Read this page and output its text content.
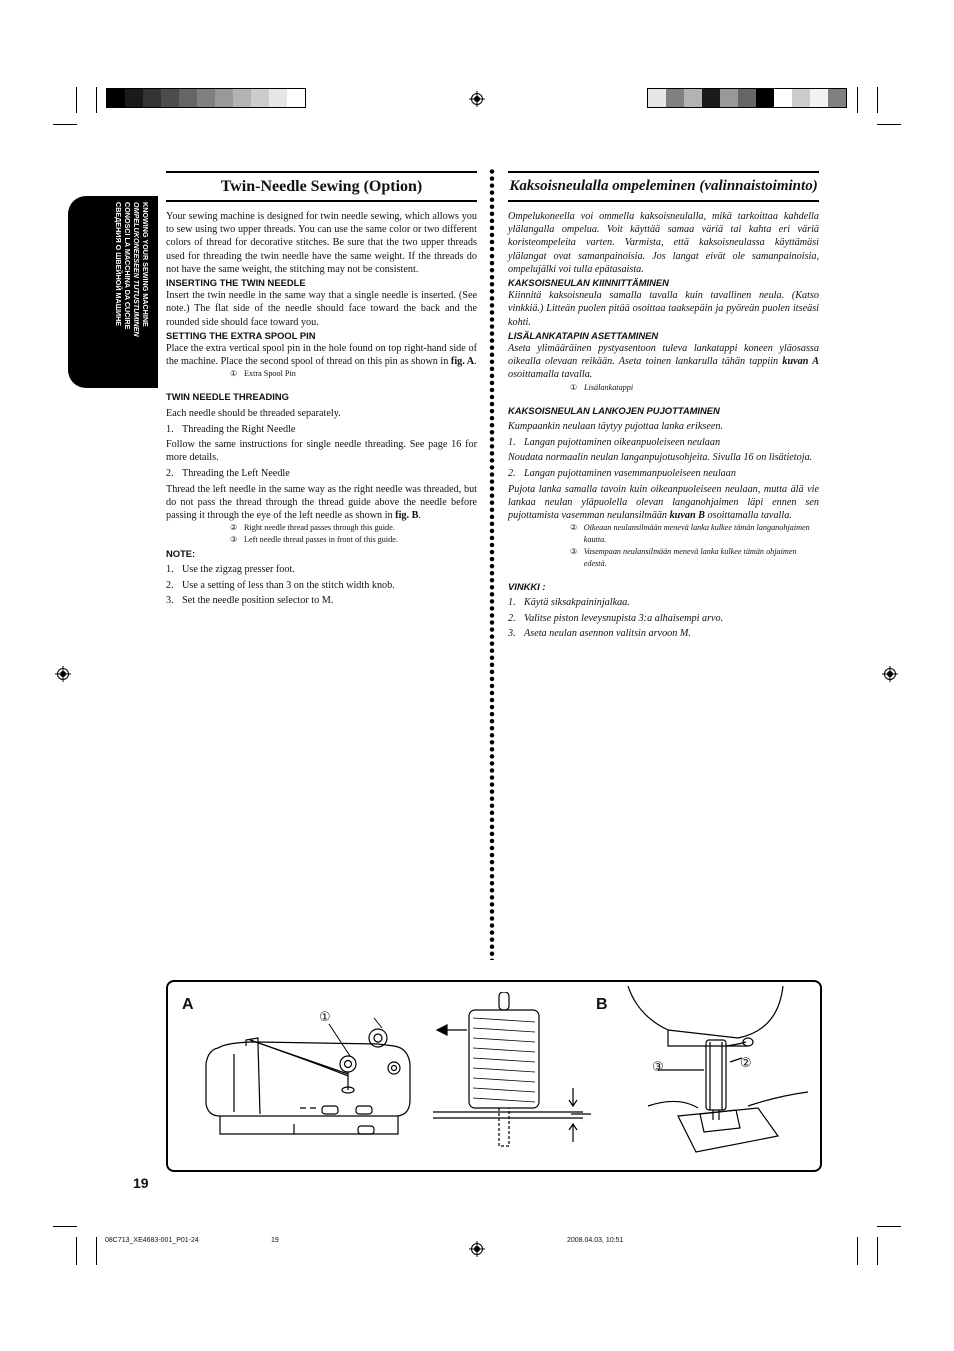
KNOWING YOUR SEWING MACHINE
OMPELUKONEESEEN TUTUSTUMINEN
CONOSCI LA MACCHINA DA CUCIRE
СВЕДЕНИЯ О ШВЕЙНОЙ МАШИНЕ
Twin-Needle Sewing (Option)	Kaksoisneulalla ompeleminen (valinnaistoiminto)

Your sewing machine is designed for twin needle sewing, which allows you to sew using two upper threads. You can use the same color or two different colors of thread for decorative stitches. Be sure that the two upper threads used for threading the twin needle have the same weight. If the threads do not have the same weight, the stitching may not be consistent.

INSERTING THE TWIN NEEDLE

Insert the twin needle in the same way that a single needle is inserted. (See note.) The flat side of the needle should face toward the back and the rounded side should face toward you.

SETTING THE EXTRA SPOOL PIN

Place the extra vertical spool pin in the hole found on top right-hand side of the machine. Place the second spool of thread on this pin as shown in fig. A.

① Extra Spool Pin

TWIN NEEDLE THREADING

Each needle should be threaded separately.

1. Threading the Right Needle

Follow the same instructions for single needle threading. See page 16 for more details.

2. Threading the Left Needle

Thread the left needle in the same way as the right needle was threaded, but do not pass the thread through the thread guide above the needle before passing it through the eye of the left needle as shown in fig. B.

② Right needle thread passes through this guide.
③ Left needle thread passes in front of this guide.

NOTE:

1. Use the zigzag presser foot.
2. Use a setting of less than 3 on the stitch width knob.
3. Set the needle position selector to M.

Ompelukoneella voi ommella kaksoisneulalla, mikä tarkoittaa kahdella ylälangalla ompelua. Voit käyttää samaa väriä tai kahta eri väriä koristeompeleita varten. Varmista, että kaksoisneulassa käyttämäsi ylälangat ovat samanpainoisia. Jos langat eivät ole samanpainoisia, ompelujälki voi tulla epätasaista.

KAKSOISNEULAN KIINNITTÄMINEN

Kiinnitä kaksoisneula samalla tavalla kuin tavallinen neula. (Katso vinkkiä.) Litteän puolen pitää osoittaa taaksepäin ja pyöreän puolen itseäsi kohti.

LISÄLANKATAPIN ASETTAMINEN

Aseta ylimääräinen pystyasentoon tuleva lankatappi koneen yläosassa oikealla olevaan reikään. Aseta toinen lankarulla tähän tappiin kuvan A osoittamalla tavalla.

① Lisälankatappi

KAKSOISNEULAN LANKOJEN PUJOTTAMINEN

Kumpaankin neulaan täytyy pujottaa lanka erikseen.

1. Langan pujottaminen oikeanpuoleiseen neulaan

Noudata normaalin neulan langanpujotusohjeita. Sivulla 16 on lisätietoja.

2. Langan pujottaminen vasemmanpuoleiseen neulaan

Pujota lanka samalla tavoin kuin oikeanpuoleiseen neulaan, mutta älä vie lankaa neulan yläpuolella olevan langanohjaimen läpi ennen sen pujottamista vasemman neulansilmään kuvan B osoittamalla tavalla.

② Oikeaan neulansilmään menevä lanka kulkee tämän langanohjaimen kautta.
③ Vasempaan neulansilmään menevä lanka kulkee tämän ohjaimen edestä.

VINKKI :

1. Käytä siksakpaininjalkaa.
2. Valitse piston leveysnupista 3:a alhaisempi arvo.
3. Aseta neulan asennon valitsin arvoon M.
A	B
①
②
③
19
08C713_XE4683-001_P01-24	19	2008.04.03, 10:51
